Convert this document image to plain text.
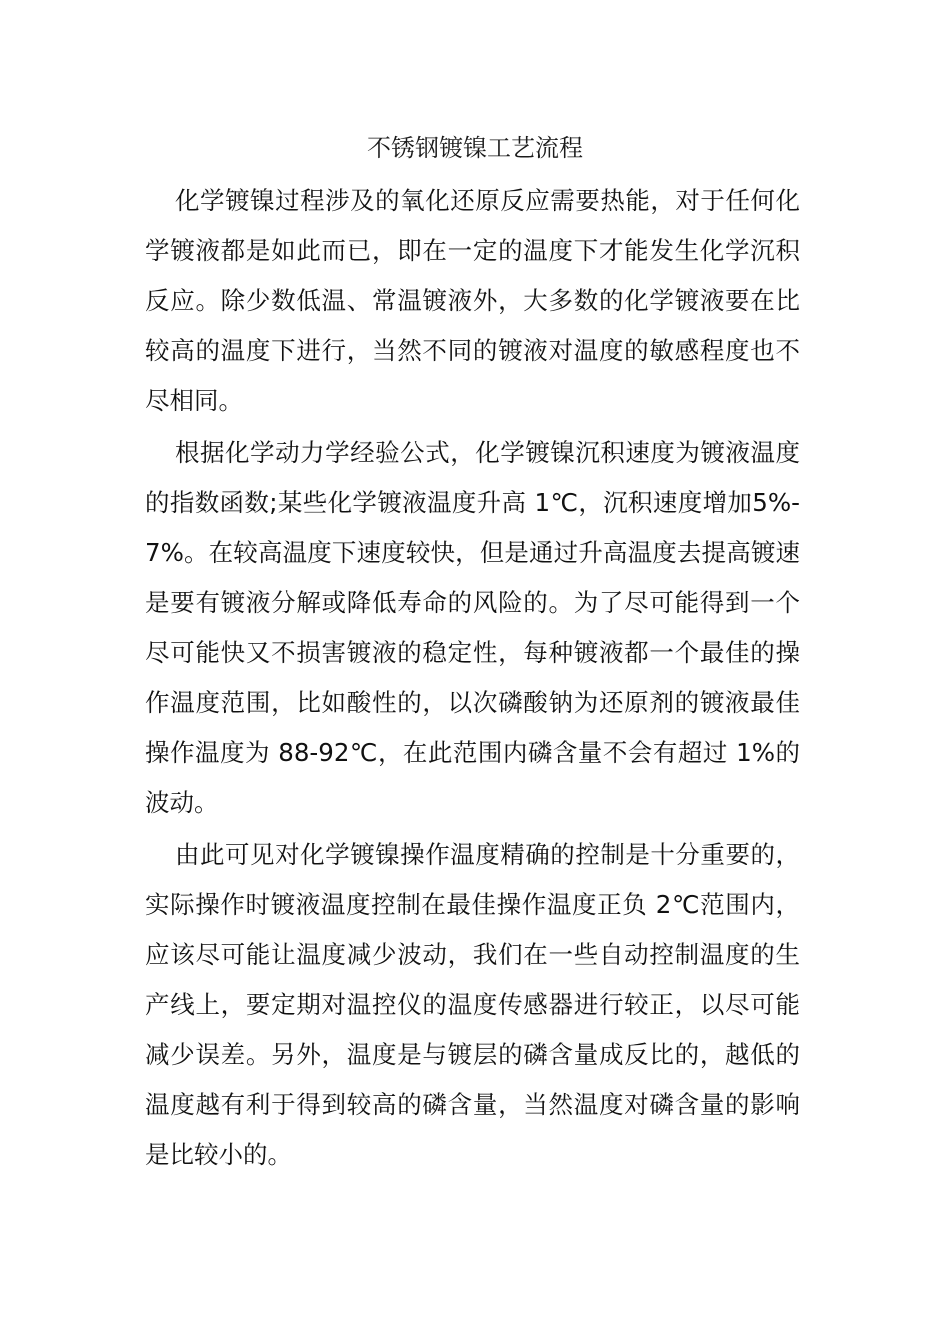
不锈钢镀镍工艺流程

化学镀镍过程涉及的氧化还原反应需要热能，对于任何化学镀液都是如此而已，即在一定的温度下才能发生化学沉积反应。除少数低温、常温镀液外，大多数的化学镀液要在比较高的温度下进行，当然不同的镀液对温度的敏感程度也不尽相同。

根据化学动力学经验公式，化学镀镍沉积速度为镀液温度的指数函数;某些化学镀液温度升高 1℃，沉积速度增加5%-7%。在较高温度下速度较快，但是通过升高温度去提高镀速是要有镀液分解或降低寿命的风险的。为了尽可能得到一个尽可能快又不损害镀液的稳定性，每种镀液都一个最佳的操作温度范围，比如酸性的，以次磷酸钠为还原剂的镀液最佳操作温度为 88-92℃，在此范围内磷含量不会有超过 1%的波动。

由此可见对化学镀镍操作温度精确的控制是十分重要的，实际操作时镀液温度控制在最佳操作温度正负 2℃范围内，应该尽可能让温度减少波动，我们在一些自动控制温度的生产线上，要定期对温控仪的温度传感器进行较正，以尽可能减少误差。另外，温度是与镀层的磷含量成反比的，越低的温度越有利于得到较高的磷含量，当然温度对磷含量的影响是比较小的。
